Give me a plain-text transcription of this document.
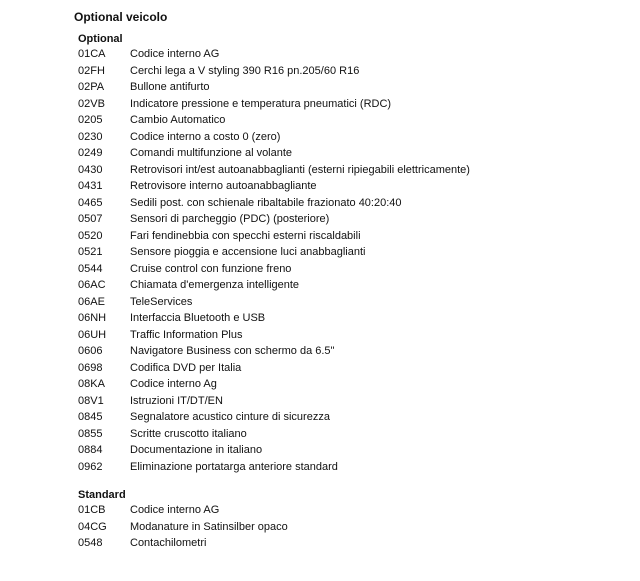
Optional veicolo
Optional
01CA	Codice interno AG
02FH	Cerchi lega a V styling 390 R16 pn.205/60 R16
02PA	Bullone antifurto
02VB	Indicatore pressione e temperatura pneumatici (RDC)
0205	Cambio Automatico
0230	Codice interno a costo 0 (zero)
0249	Comandi multifunzione al volante
0430	Retrovisori int/est autoanabbaglianti (esterni ripiegabili elettricamente)
0431	Retrovisore interno autoanabbagliante
0465	Sedili post. con schienale ribaltabile frazionato 40:20:40
0507	Sensori di parcheggio (PDC) (posteriore)
0520	Fari fendinebbia con specchi esterni riscaldabili
0521	Sensore pioggia e accensione luci anabbaglianti
0544	Cruise control con funzione freno
06AC	Chiamata d'emergenza intelligente
06AE	TeleServices
06NH	Interfaccia Bluetooth e USB
06UH	Traffic Information Plus
0606	Navigatore Business con schermo da 6.5"
0698	Codifica DVD per Italia
08KA	Codice interno Ag
08V1	Istruzioni IT/DT/EN
0845	Segnalatore acustico cinture di sicurezza
0855	Scritte cruscotto italiano
0884	Documentazione in italiano
0962	Eliminazione portatarga anteriore standard
Standard
01CB	Codice interno AG
04CG	Modanature in Satinsilber opaco
0548	Contachilometri
